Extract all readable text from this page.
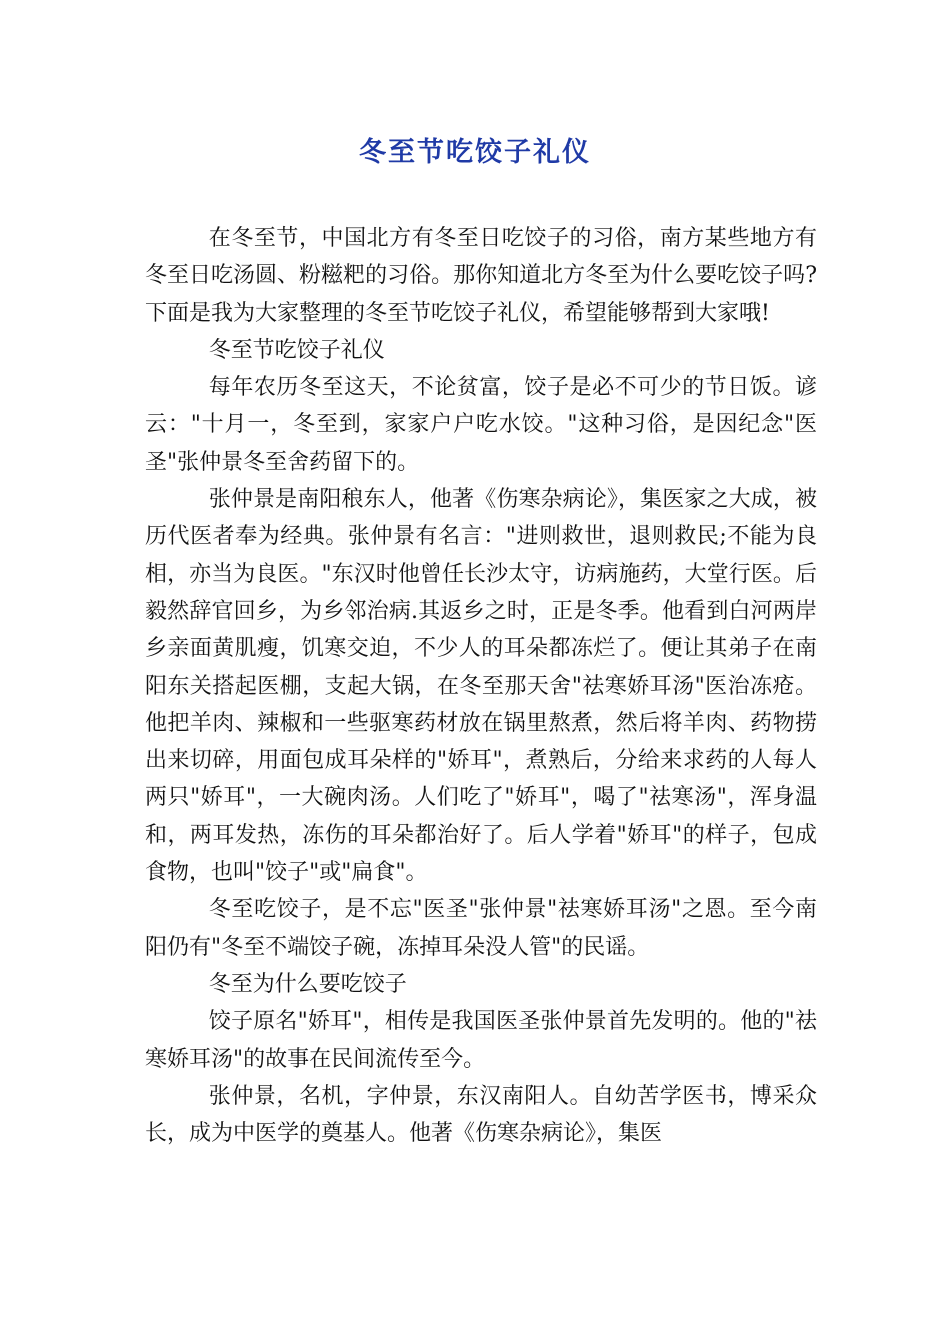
冬至节吃饺子礼仪

在冬至节，中国北方有冬至日吃饺子的习俗，南方某些地方有冬至日吃汤圆、粉糍粑的习俗。那你知道北方冬至为什么要吃饺子吗?下面是我为大家整理的冬至节吃饺子礼仪，希望能够帮到大家哦!

冬至节吃饺子礼仪

每年农历冬至这天，不论贫富，饺子是必不可少的节日饭。谚云："十月一，冬至到，家家户户吃水饺。"这种习俗，是因纪念"医圣"张仲景冬至舍药留下的。

张仲景是南阳稂东人，他著《伤寒杂病论》，集医家之大成，被历代医者奉为经典。张仲景有名言："进则救世，退则救民;不能为良相，亦当为良医。"东汉时他曾任长沙太守，访病施药，大堂行医。后毅然辞官回乡，为乡邻治病.其返乡之时，正是冬季。他看到白河两岸乡亲面黄肌瘦，饥寒交迫，不少人的耳朵都冻烂了。便让其弟子在南阳东关搭起医棚，支起大锅，在冬至那天舍"祛寒娇耳汤"医治冻疮。他把羊肉、辣椒和一些驱寒药材放在锅里熬煮，然后将羊肉、药物捞出来切碎，用面包成耳朵样的"娇耳"，煮熟后，分给来求药的人每人两只"娇耳"，一大碗肉汤。人们吃了"娇耳"，喝了"祛寒汤"，浑身温和，两耳发热，冻伤的耳朵都治好了。后人学着"娇耳"的样子，包成食物，也叫"饺子"或"扁食"。

冬至吃饺子，是不忘"医圣"张仲景"祛寒娇耳汤"之恩。至今南阳仍有"冬至不端饺子碗，冻掉耳朵没人管"的民谣。

冬至为什么要吃饺子

饺子原名"娇耳"，相传是我国医圣张仲景首先发明的。他的"祛寒娇耳汤"的故事在民间流传至今。

张仲景，名机，字仲景，东汉南阳人。自幼苦学医书，博采众长，成为中医学的奠基人。他著《伤寒杂病论》，集医
